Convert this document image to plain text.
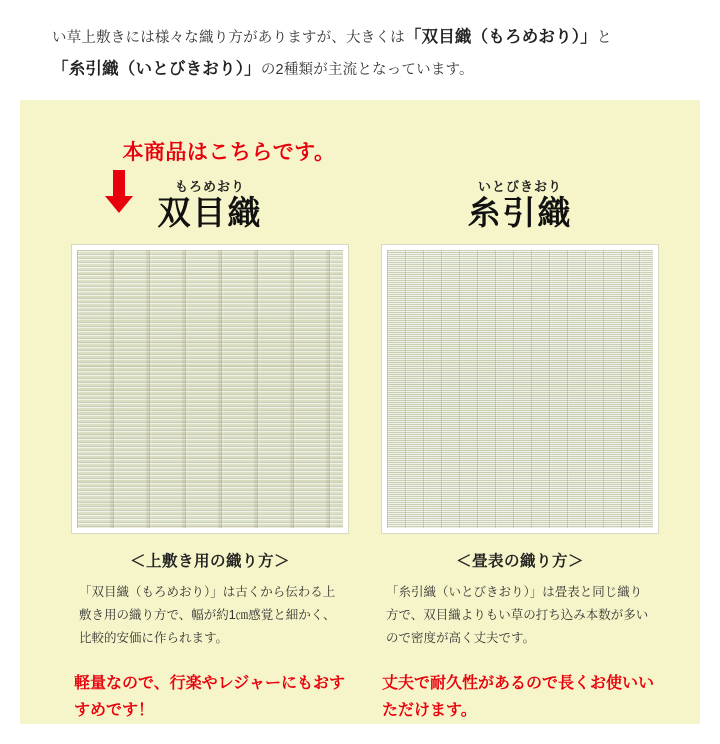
い草上敷きには様々な織り方がありますが、大きくは「双目織（もろめおり）」と
「糸引織（いとびきおり）」の2種類が主流となっています。
本商品はこちらです。
もろめおり
双目織
＜上敷き用の織り方＞
「双目織（もろめおり）」は古くから伝わる上敷き用の織り方で、幅が約1㎝感覚と細かく、比較的安価に作られます。
軽量なので、行楽やレジャーにもおすすめです！
いとびきおり
糸引織
＜畳表の織り方＞
「糸引織（いとびきおり）」は畳表と同じ織り方で、双目織よりもい草の打ち込み本数が多いので密度が高く丈夫です。
丈夫で耐久性があるので長くお使いいただけます。
